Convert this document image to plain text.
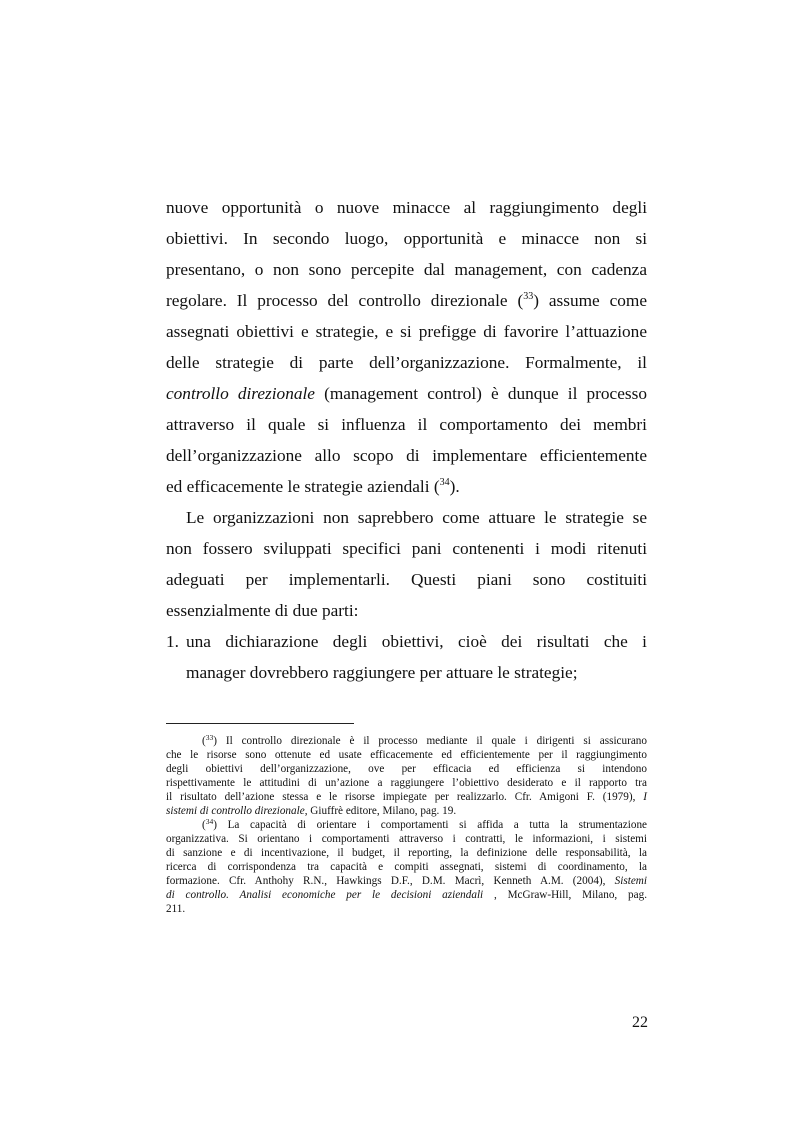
nuove opportunità o nuove minacce al raggiungimento degli
obiettivi. In secondo luogo, opportunità e minacce non si
presentano, o non sono percepite dal management, con cadenza
regolare. Il processo del controllo direzionale ($^{33}$) assume come
assegnati obiettivi e strategie, e si prefigge di favorire l’attuazione
delle strategie di parte dell’organizzazione. Formalmente, il
controllo direzionale (management control) è dunque il processo
attraverso il quale si influenza il comportamento dei membri
dell’organizzazione allo scopo di implementare efficientemente
ed efficacemente le strategie aziendali ($^{34}$).
Le organizzazioni non saprebbero come attuare le strategie se
non fossero sviluppati specifici pani contenenti i modi ritenuti
adeguati per implementarli. Questi piani sono costituiti
essenzialmente di due parti:
1. una dichiarazione degli obiettivi, cioè dei risultati che i
manager dovrebbero raggiungere per attuare le strategie;
($^{33}$) Il controllo direzionale è il processo mediante il quale i dirigenti si assicurano
che le risorse sono ottenute ed usate efficacemente ed efficientemente per il raggiungimento
degli obiettivi dell’organizzazione, ove per efficacia ed efficienza si intendono
rispettivamente le attitudini di un’azione a raggiungere l’obiettivo desiderato e il rapporto tra
il risultato dell’azione stessa e le risorse impiegate per realizzarlo. Cfr. Amigoni F. (1979), I
sistemi di controllo direzionale, Giuffrè editore, Milano, pag. 19.
($^{34}$) La capacità di orientare i comportamenti si affida a tutta la strumentazione
organizzativa. Si orientano i comportamenti attraverso i contratti, le informazioni, i sistemi
di sanzione e di incentivazione, il budget, il reporting, la definizione delle responsabilità, la
ricerca di corrispondenza tra capacità e compiti assegnati, sistemi di coordinamento, la
formazione. Cfr. Anthohy R.N., Hawkings D.F., D.M. Macrì, Kenneth A.M. (2004), Sistemi
di controllo. Analisi economiche per le decisioni aziendali , McGraw-Hill, Milano, pag.
211.
22
